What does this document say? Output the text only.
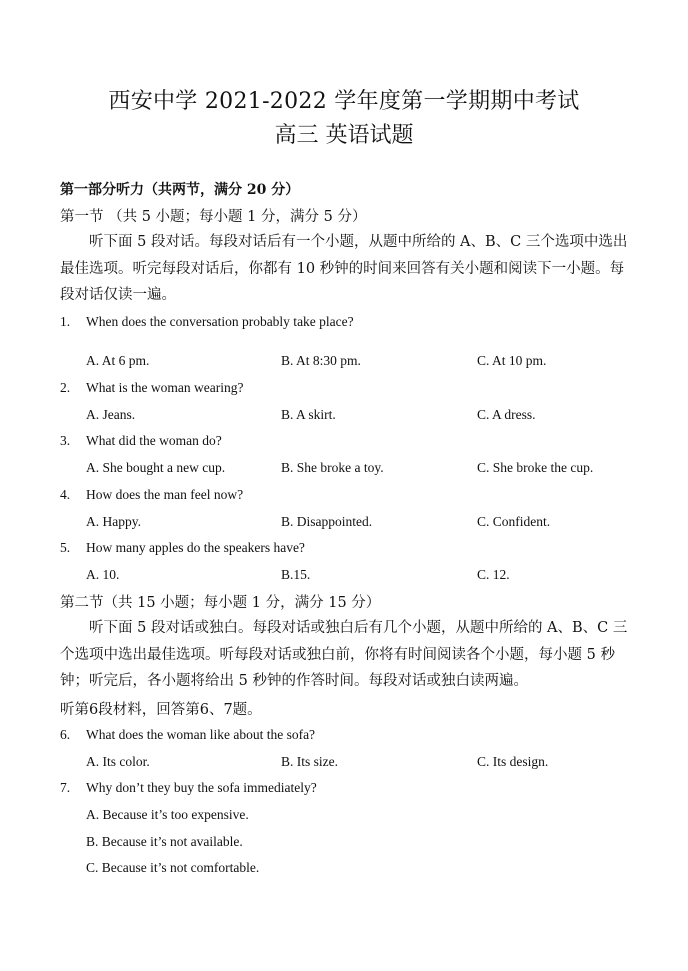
西安中学 2021-2022 学年度第一学期期中考试
高三 英语试题
第一部分听力（共两节，满分 20 分）
第一节 （共 5 小题；每小题 1 分，满分 5 分）
听下面 5 段对话。每段对话后有一个小题，从题中所给的 A、B、C 三个选项中选出最佳选项。听完每段对话后，你都有 10 秒钟的时间来回答有关小题和阅读下一小题。每段对话仅读一遍。
1. When does the conversation probably take place?
A. At 6 pm.	B. At 8:30 pm.	C. At 10 pm.
2. What is the woman wearing?
A. Jeans.	B. A skirt.	C. A dress.
3. What did the woman do?
A. She bought a new cup.	B. She broke a toy.	C. She broke the cup.
4. How does the man feel now?
A. Happy.	B. Disappointed.	C. Confident.
5. How many apples do the speakers have?
A. 10.	B.15.	C. 12.
第二节（共 15 小题；每小题 1 分，满分 15 分）
听下面 5 段对话或独白。每段对话或独白后有几个小题，从题中所给的 A、B、C 三个选项中选出最佳选项。听每段对话或独白前，你将有时间阅读各个小题，每小题 5 秒钟；听完后，各小题将给出 5 秒钟的作答时间。每段对话或独白读两遍。
听第6段材料，回答第6、7题。
6. What does the woman like about the sofa?
A. Its color.	B. Its size.	C. Its design.
7. Why don’t they buy the sofa immediately?
A. Because it’s too expensive.
B. Because it’s not available.
C. Because it’s not comfortable.
